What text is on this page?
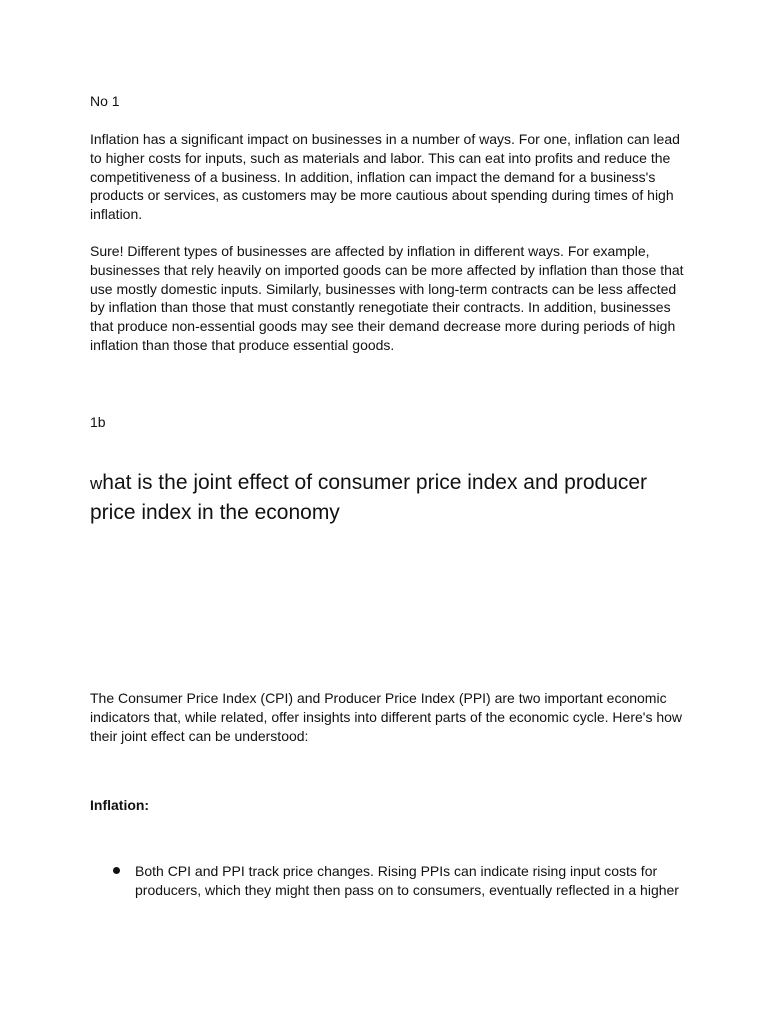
No 1

Inflation has a significant impact on businesses in a number of ways. For one, inflation can lead to higher costs for inputs, such as materials and labor. This can eat into profits and reduce the competitiveness of a business. In addition, inflation can impact the demand for a business's products or services, as customers may be more cautious about spending during times of high inflation.

Sure! Different types of businesses are affected by inflation in different ways. For example, businesses that rely heavily on imported goods can be more affected by inflation than those that use mostly domestic inputs. Similarly, businesses with long-term contracts can be less affected by inflation than those that must constantly renegotiate their contracts. In addition, businesses that produce non-essential goods may see their demand decrease more during periods of high inflation than those that produce essential goods.

1b

what is the joint effect of consumer price index and producer price index in the economy

The Consumer Price Index (CPI) and Producer Price Index (PPI) are two important economic indicators that, while related, offer insights into different parts of the economic cycle. Here's how their joint effect can be understood:

Inflation:

Both CPI and PPI track price changes. Rising PPIs can indicate rising input costs for producers, which they might then pass on to consumers, eventually reflected in a higher
